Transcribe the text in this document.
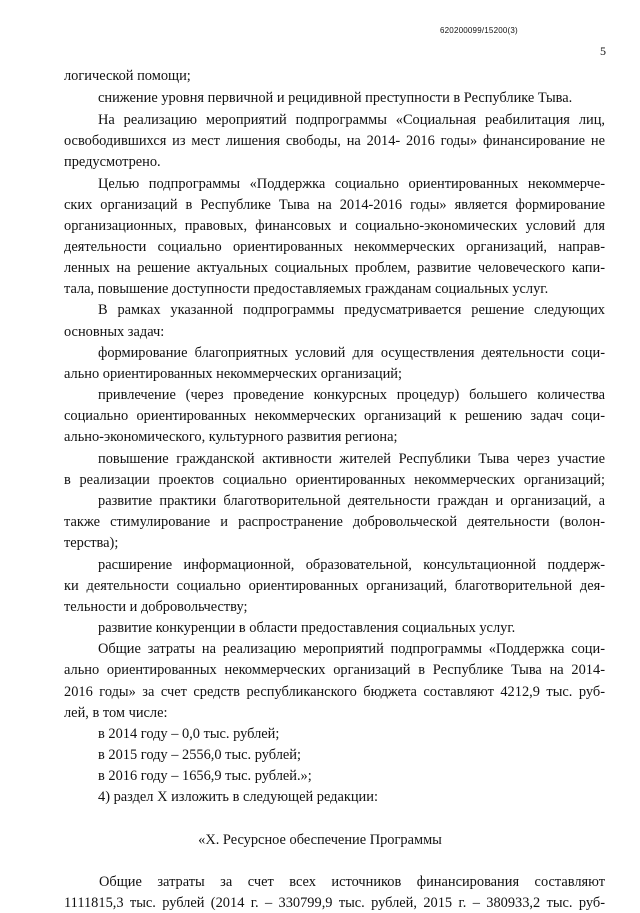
620200099/15200(3)
5
логической помощи;
снижение уровня первичной и рецидивной преступности в Республике Тыва.
На реализацию мероприятий подпрограммы «Социальная реабилитация лиц,
освободившихся из мест лишения свободы, на 2014- 2016 годы» финансирование не
предусмотрено.
Целью подпрограммы «Поддержка социально ориентированных некоммерче-
ских организаций в Республике Тыва на 2014-2016 годы» является формирование
организационных, правовых, финансовых и социально-экономических условий для
деятельности социально ориентированных некоммерческих организаций, направ-
ленных на решение актуальных социальных проблем, развитие человеческого капи-
тала, повышение доступности предоставляемых гражданам социальных услуг.
В рамках указанной подпрограммы предусматривается решение следующих
основных задач:
формирование благоприятных условий для осуществления деятельности соци-
ально ориентированных некоммерческих организаций;
привлечение (через проведение конкурсных процедур) большего количества
социально ориентированных некоммерческих организаций к решению задач соци-
ально-экономического, культурного развития региона;
повышение гражданской активности жителей Республики Тыва через участие
в реализации проектов социально ориентированных некоммерческих организаций;
развитие практики благотворительной деятельности граждан и организаций, а
также стимулирование и распространение добровольческой деятельности (волон-
терства);
расширение информационной, образовательной, консультационной поддерж-
ки деятельности социально ориентированных организаций, благотворительной дея-
тельности и добровольчеству;
развитие конкуренции в области предоставления социальных услуг.
Общие затраты на реализацию мероприятий подпрограммы «Поддержка соци-
ально ориентированных некоммерческих организаций в Республике Тыва на 2014-
2016 годы» за счет средств республиканского бюджета составляют 4212,9 тыс. руб-
лей, в том числе:
в 2014 году – 0,0 тыс. рублей;
в 2015 году – 2556,0 тыс. рублей;
в 2016 году – 1656,9 тыс. рублей.»;
4) раздел X изложить в следующей редакции:
«X. Ресурсное обеспечение Программы
Общие затраты за счет всех источников финансирования составляют
1111815,3 тыс. рублей (2014 г. – 330799,9 тыс. рублей, 2015 г. – 380933,2 тыс. руб-
